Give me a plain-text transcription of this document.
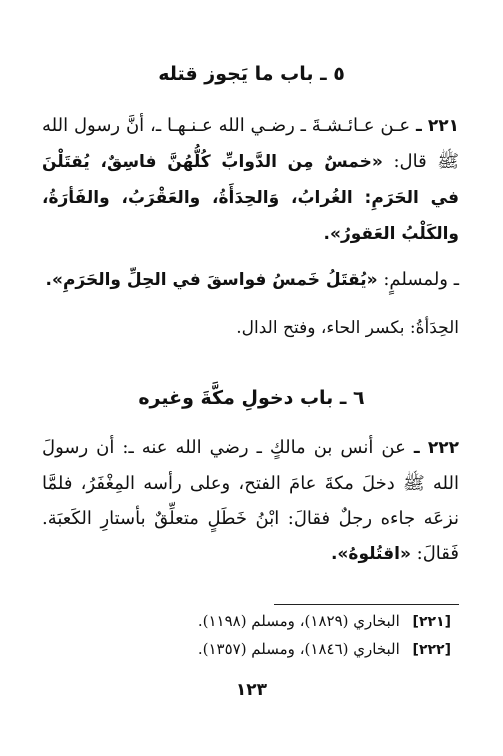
٥ ـ باب ما يَجوز قتله
٢٢١ ـ عـن عـائـشـةَ ـ رضـي الله عـنـهـا ـ، أنَّ رسول الله ﷺ قال: «خمسٌ مِن الدَّوابِّ كُلُّهُنَّ فاسِقٌ، يُقتَلْنَ في الحَرَمِ: الغُرابُ، وَالحِدَأَةُ، والعَقْرَبُ، والفَأرَةُ، والكَلْبُ العَقورُ».
ـ ولمسلمٍ: «يُقتَلُ خَمسُ فواسقَ في الحِلِّ والحَرَمِ».
الحِدَأةُ: بكسر الحاء، وفتح الدال.
٦ ـ باب دخولِ مكَّةَ وغيره
٢٢٢ ـ عن أنس بن مالكٍ ـ رضي الله عنه ـ: أن رسولَ الله ﷺ دخلَ مكةَ عامَ الفتح، وعلى رأسه المِغْفَرُ، فلمَّا نزعَه جاءه رجلٌ فقالَ: ابْنُ خَطَلٍ متعلِّقٌ بأستارِ الكَعبَة. فَقالَ: «اقتُلوهُ».
[٢٢١] البخاري (١٨٢٩)، ومسلم (١١٩٨).
[٢٢٢] البخاري (١٨٤٦)، ومسلم (١٣٥٧).
١٢٣
